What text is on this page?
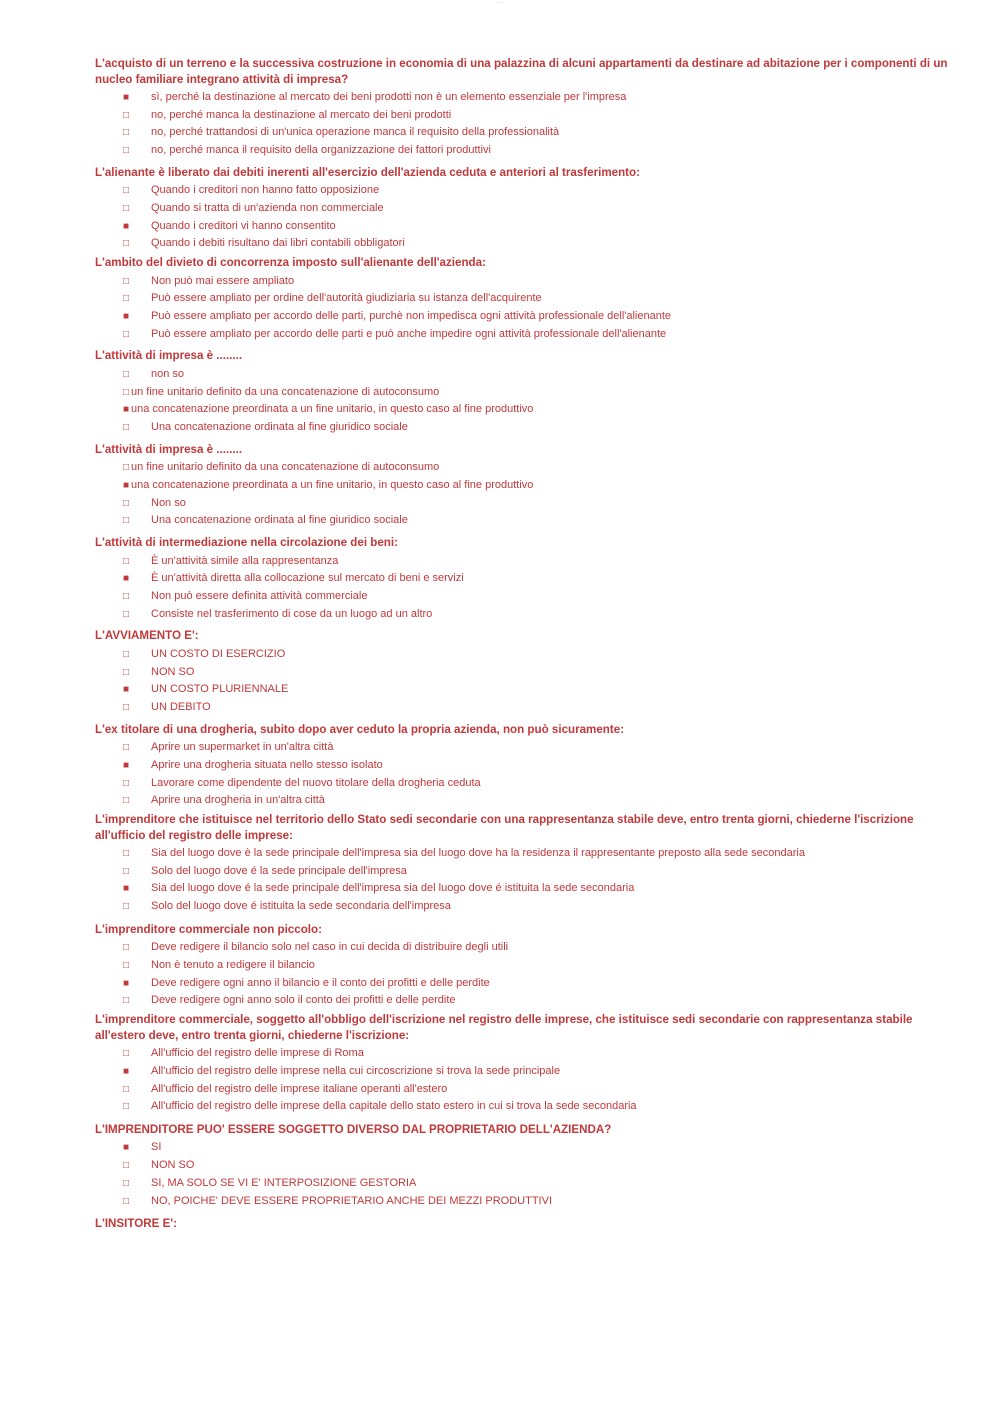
........
L'acquisto di un terreno e la successiva costruzione in economia di una palazzina di alcuni appartamenti da destinare ad abitazione per i componenti di un nucleo familiare integrano attività di impresa?
■	sì, perché la destinazione al mercato dei beni prodotti non è un elemento essenziale per l'impresa
□	no, perché manca la destinazione al mercato dei beni prodotti
□	no, perché trattandosi di un'unica operazione manca il requisito della professionalità
□	no, perché manca il requisito della organizzazione dei fattori produttivi
L'alienante è liberato dai debiti inerenti all'esercizio dell'azienda ceduta e anteriori al trasferimento:
□	Quando i creditori non hanno fatto opposizione
□	Quando si tratta di un'azienda non commerciale
■	Quando i creditori vi hanno consentito
□	Quando i debiti risultano dai libri contabili obbligatori
L'ambito del divieto di concorrenza imposto sull'alienante dell'azienda:
□	Non può mai essere ampliato
□	Può essere ampliato per ordine dell'autorità giudiziaria su istanza dell'acquirente
■	Può essere ampliato per accordo delle parti, purchè non impedisca ogni attività professionale dell'alienante
□	Può essere ampliato per accordo delle parti e può anche impedire ogni attività professionale dell'alienante
L'attività di impresa è ........
□	non so
□ un fine unitario definito da una concatenazione di autoconsumo
■ una concatenazione preordinata a un fine unitario, in questo caso al fine produttivo
□	Una concatenazione ordinata al fine giuridico sociale
L'attività di impresa è ........
□ un fine unitario definito da una concatenazione di autoconsumo
■ una concatenazione preordinata a un fine unitario, in questo caso al fine produttivo
□	Non so
□	Una concatenazione ordinata al fine giuridico sociale
L'attività di intermediazione nella circolazione dei beni:
□	È un'attività simile alla rappresentanza
■	È un'attività diretta alla collocazione sul mercato di beni e servizi
□	Non può essere definita attività commerciale
□	Consiste nel trasferimento di cose da un luogo ad un altro
L'AVVIAMENTO E':
□	UN COSTO DI ESERCIZIO
□	NON SO
■	UN COSTO PLURIENNALE
□	UN DEBITO
L'ex titolare di una drogheria, subito dopo aver ceduto la propria azienda, non può sicuramente:
□	Aprire un supermarket in un'altra città
■	Aprire una drogheria situata nello stesso isolato
□	Lavorare come dipendente del nuovo titolare della drogheria ceduta
□	Aprire una drogheria in un'altra città
L'imprenditore che istituisce nel territorio dello Stato sedi secondarie con una rappresentanza stabile deve, entro trenta giorni, chiederne l'iscrizione all'ufficio del registro delle imprese:
□	Sia del luogo dove è la sede principale dell'impresa sia del luogo dove ha la residenza il rappresentante preposto alla sede secondaria
□	Solo del luogo dove é la sede principale dell'impresa
■	Sia del luogo dove é la sede principale dell'impresa sia del luogo dove é istituita la sede secondaria
□	Solo del luogo dove é istituita la sede secondaria dell'impresa
L'imprenditore commerciale non piccolo:
□	Deve redigere il bilancio solo nel caso in cui decida di distribuire degli utili
□	Non è tenuto a redigere il bilancio
■	Deve redigere ogni anno il bilancio e il conto dei profitti e delle perdite
□	Deve redigere ogni anno solo il conto dei profitti e delle perdite
L'imprenditore commerciale, soggetto all'obbligo dell'iscrizione nel registro delle imprese, che istituisce sedi secondarie con rappresentanza stabile all'estero deve, entro trenta giorni, chiederne l'iscrizione:
□	All'ufficio del registro delle imprese di Roma
■	All'ufficio del registro delle imprese nella cui circoscrizione si trova la sede principale
□	All'ufficio del registro delle imprese italiane operanti all'estero
□	All'ufficio del registro delle imprese della capitale dello stato estero in cui si trova la sede secondaria
L'IMPRENDITORE PUO' ESSERE SOGGETTO DIVERSO DAL PROPRIETARIO DELL'AZIENDA?
■	SI
□	NON SO
□	SI, MA SOLO SE VI E' INTERPOSIZIONE GESTORIA
□	NO, POICHE' DEVE ESSERE PROPRIETARIO ANCHE DEI MEZZI PRODUTTIVI
L'INSITORE E':
